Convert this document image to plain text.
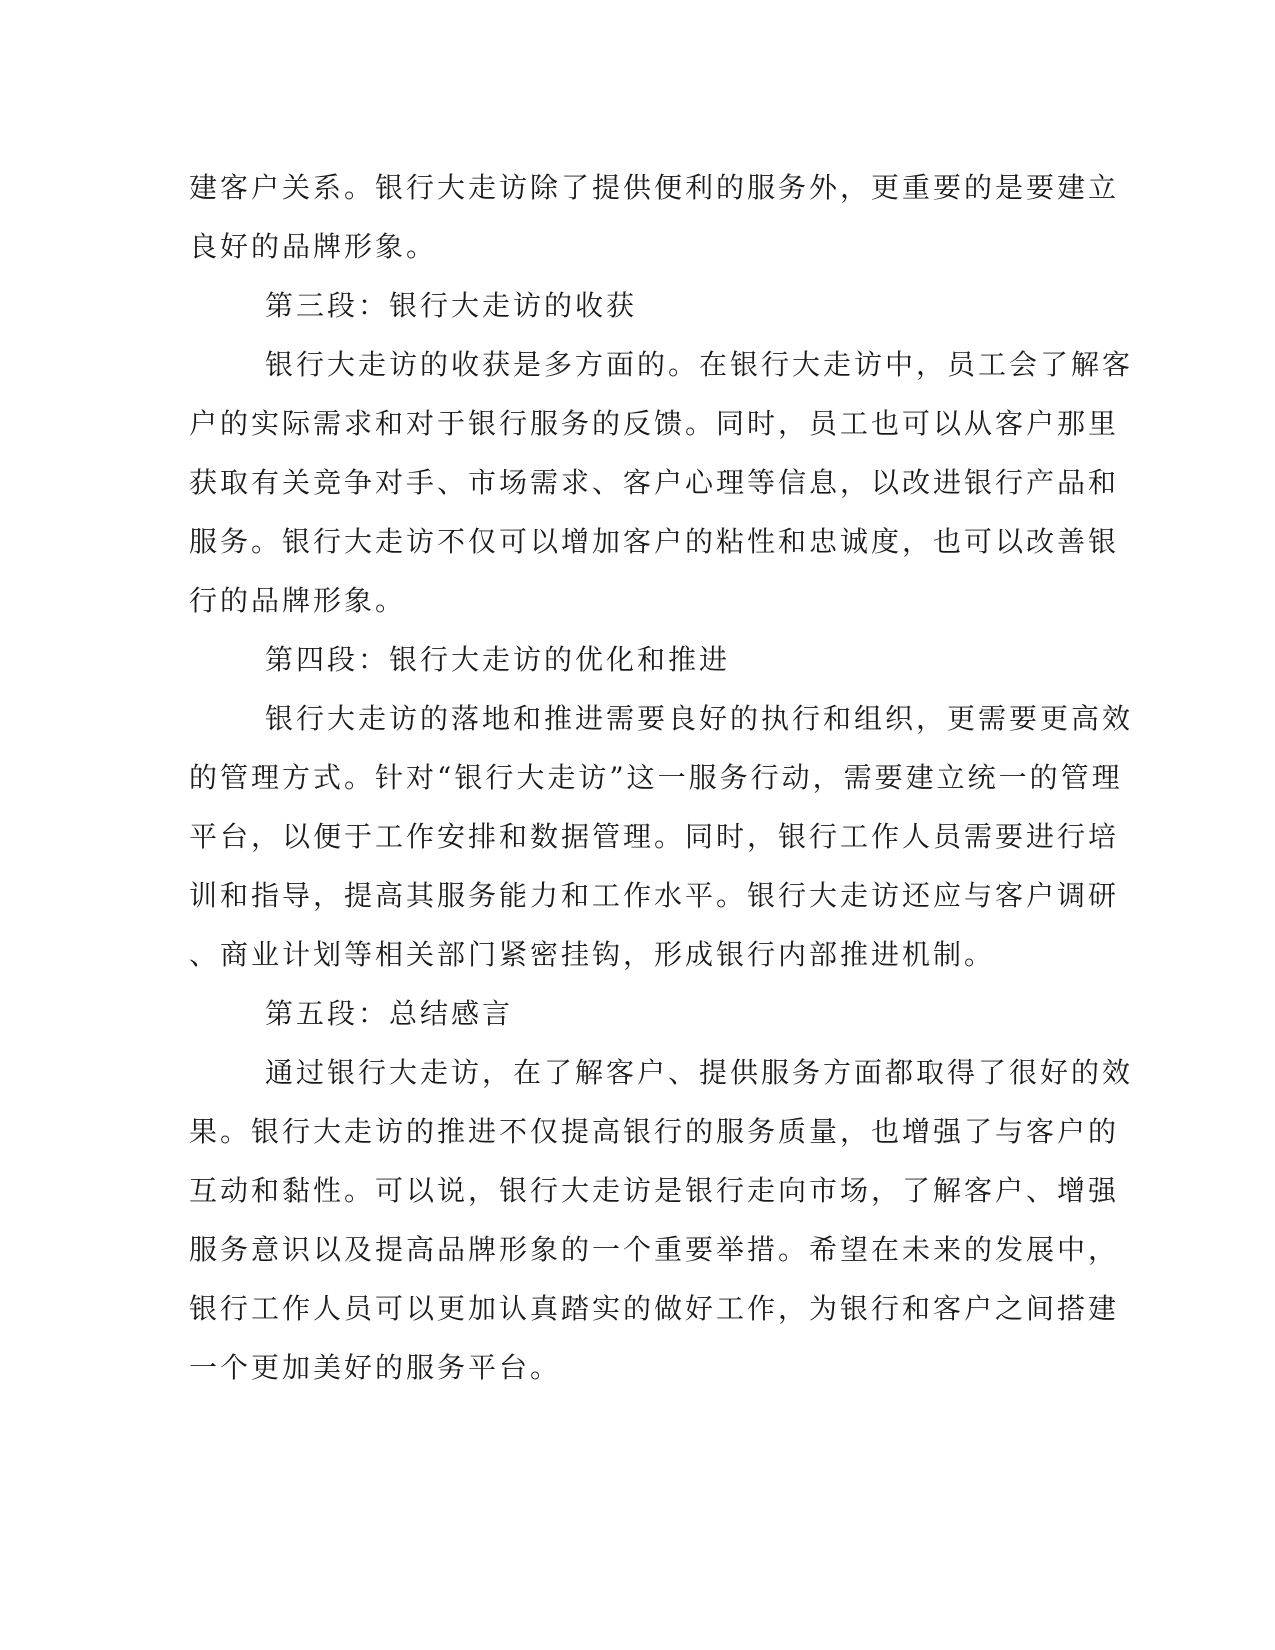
建客户关系。银行大走访除了提供便利的服务外，更重要的是要建立
良好的品牌形象。
第三段：银行大走访的收获
银行大走访的收获是多方面的。在银行大走访中，员工会了解客
户的实际需求和对于银行服务的反馈。同时，员工也可以从客户那里
获取有关竞争对手、市场需求、客户心理等信息，以改进银行产品和
服务。银行大走访不仅可以增加客户的粘性和忠诚度，也可以改善银
行的品牌形象。
第四段：银行大走访的优化和推进
银行大走访的落地和推进需要良好的执行和组织，更需要更高效
的管理方式。针对“银行大走访”这一服务行动，需要建立统一的管理
平台，以便于工作安排和数据管理。同时，银行工作人员需要进行培
训和指导，提高其服务能力和工作水平。银行大走访还应与客户调研
、商业计划等相关部门紧密挂钩，形成银行内部推进机制。
第五段：总结感言
通过银行大走访，在了解客户、提供服务方面都取得了很好的效
果。银行大走访的推进不仅提高银行的服务质量，也增强了与客户的
互动和黏性。可以说，银行大走访是银行走向市场，了解客户、增强
服务意识以及提高品牌形象的一个重要举措。希望在未来的发展中，
银行工作人员可以更加认真踏实的做好工作，为银行和客户之间搭建
一个更加美好的服务平台。
